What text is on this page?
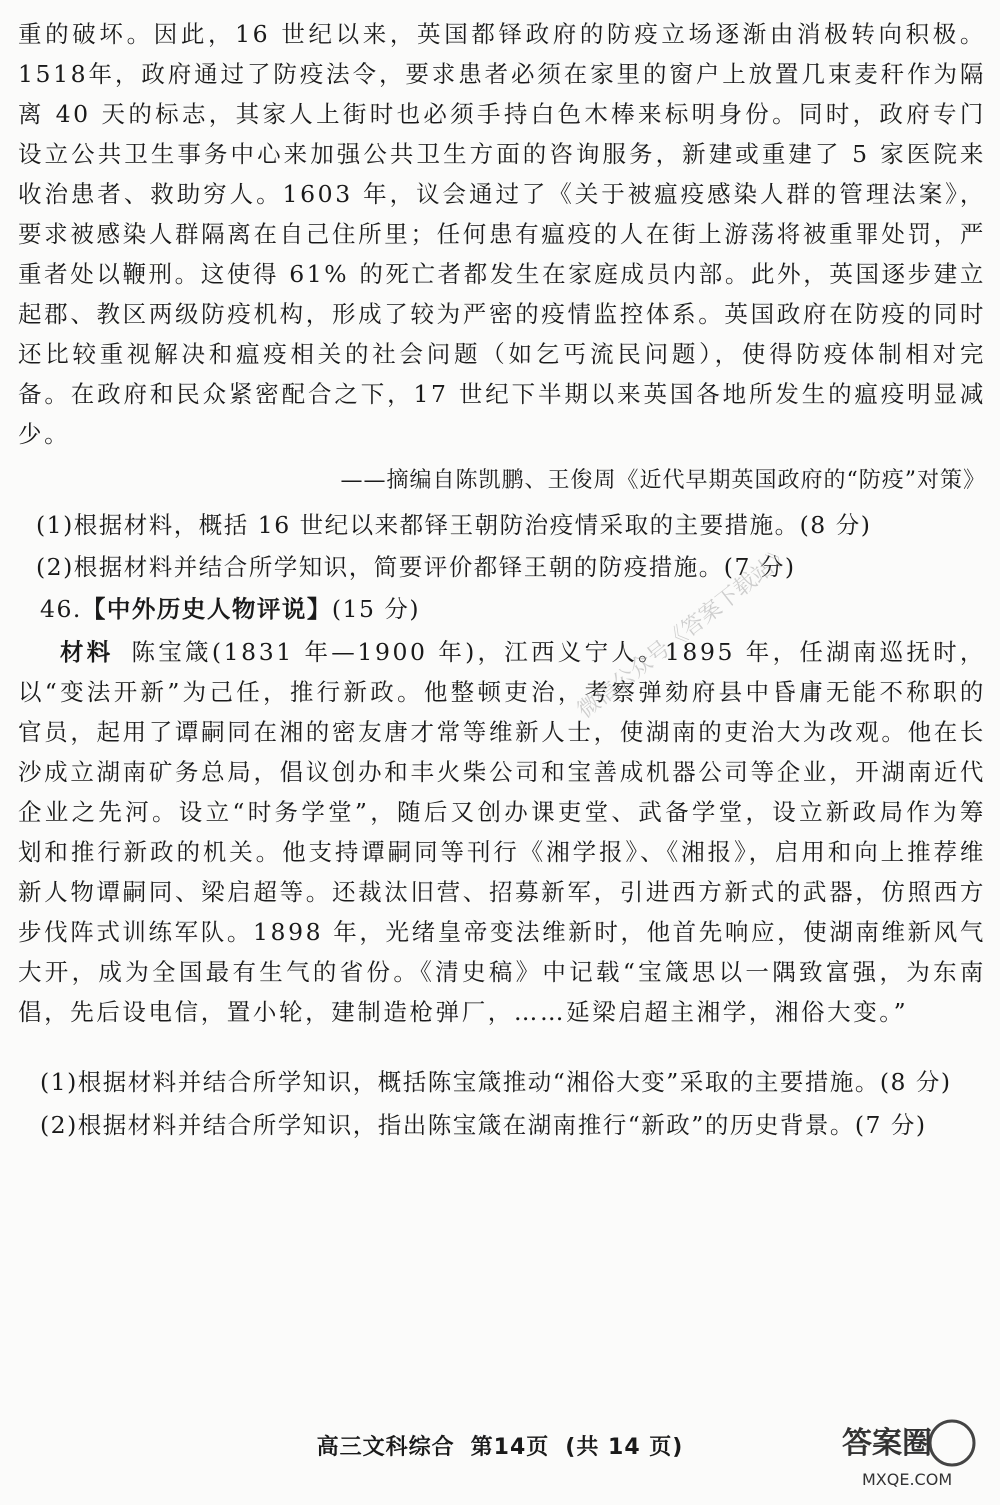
重的破坏。因此，16 世纪以来，英国都铎政府的防疫立场逐渐由消极转向积极。1518年，政府通过了防疫法令，要求患者必须在家里的窗户上放置几束麦秆作为隔离 40 天的标志，其家人上街时也必须手持白色木棒来标明身份。同时，政府专门设立公共卫生事务中心来加强公共卫生方面的咨询服务，新建或重建了 5 家医院来收治患者、救助穷人。1603 年，议会通过了《关于被瘟疫感染人群的管理法案》，要求被感染人群隔离在自己住所里；任何患有瘟疫的人在街上游荡将被重罪处罚，严重者处以鞭刑。这使得 61% 的死亡者都发生在家庭成员内部。此外，英国逐步建立起郡、教区两级防疫机构，形成了较为严密的疫情监控体系。英国政府在防疫的同时还比较重视解决和瘟疫相关的社会问题（如乞丐流民问题），使得防疫体制相对完备。在政府和民众紧密配合之下，17 世纪下半期以来英国各地所发生的瘟疫明显减少。
——摘编自陈凯鹏、王俊周《近代早期英国政府的“防疫”对策》
(1)根据材料，概括 16 世纪以来都铎王朝防治疫情采取的主要措施。(8 分)
(2)根据材料并结合所学知识，简要评价都铎王朝的防疫措施。(7 分)
46.【中外历史人物评说】(15 分)
材料 陈宝箴(1831 年—1900 年)，江西义宁人。1895 年，任湖南巡抚时，以“变法开新”为己任，推行新政。他整顿吏治，考察弹劾府县中昏庸无能不称职的官员，起用了谭嗣同在湘的密友唐才常等维新人士，使湖南的吏治大为改观。他在长沙成立湖南矿务总局，倡议创办和丰火柴公司和宝善成机器公司等企业，开湖南近代企业之先河。设立“时务学堂”，随后又创办课吏堂、武备学堂，设立新政局作为筹划和推行新政的机关。他支持谭嗣同等刊行《湘学报》、《湘报》，启用和向上推荐维新人物谭嗣同、梁启超等。还裁汰旧营、招募新军，引进西方新式的武器，仿照西方步伐阵式训练军队。1898 年，光绪皇帝变法维新时，他首先响应，使湖南维新风气大开，成为全国最有生气的省份。《清史稿》中记载“宝箴思以一隅致富强，为东南倡，先后设电信，置小轮，建制造枪弹厂，……延梁启超主湘学，湘俗大变。”
(1)根据材料并结合所学知识，概括陈宝箴推动“湘俗大变”采取的主要措施。(8 分)
(2)根据材料并结合所学知识，指出陈宝箴在湖南推行“新政”的历史背景。(7 分)
微信公众号《答案下载站》
高三文科综合 第14页 (共 14 页)	答案圈
MXQE.COM
